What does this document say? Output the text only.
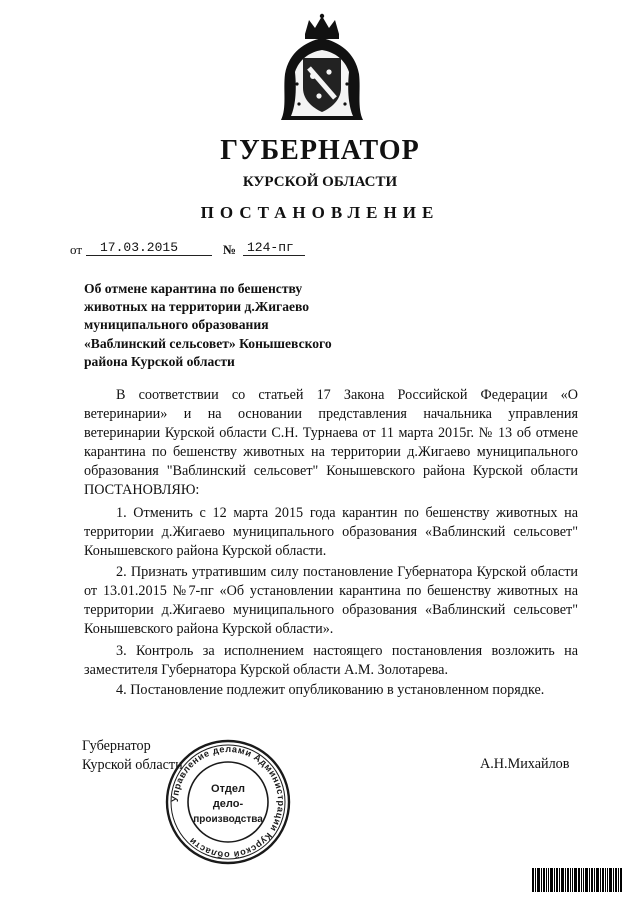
ГУБЕРНАТОР
КУРСКОЙ ОБЛАСТИ
ПОСТАНОВЛЕНИЕ
от	17.03.2015	№ 124-пг
Об отмене карантина по бешенству
животных на территории д.Жигаево
муниципального образования
«Ваблинский сельсовет» Конышевского
района Курской области
В соответствии со статьей 17 Закона Российской Федерации «О ветеринарии» и на основании представления начальника управления ветеринарии Курской области С.Н. Турнаева от 11 марта 2015г. № 13 об отмене карантина по бешенству животных на территории д.Жигаево муниципального образования "Ваблинский сельсовет" Конышевского района Курской области ПОСТАНОВЛЯЮ:
1. Отменить с 12 марта 2015 года карантин по бешенству животных на территории д.Жигаево муниципального образования «Ваблинский сельсовет" Конышевского района Курской области.
2. Признать утратившим силу постановление Губернатора Курской области от 13.01.2015 №7-пг «Об установлении карантина по бешенству животных на территории д.Жигаево муниципального образования «Ваблинский сельсовет" Конышевского района Курской области».
3. Контроль за исполнением настоящего постановления возложить на заместителя Губернатора Курской области А.М. Золотарева.
4. Постановление подлежит опубликованию в установленном порядке.
Губернатор
Курской области	А.Н.Михайлов
Управление делами Администрации Курской области
Отдел
дело-
производства
